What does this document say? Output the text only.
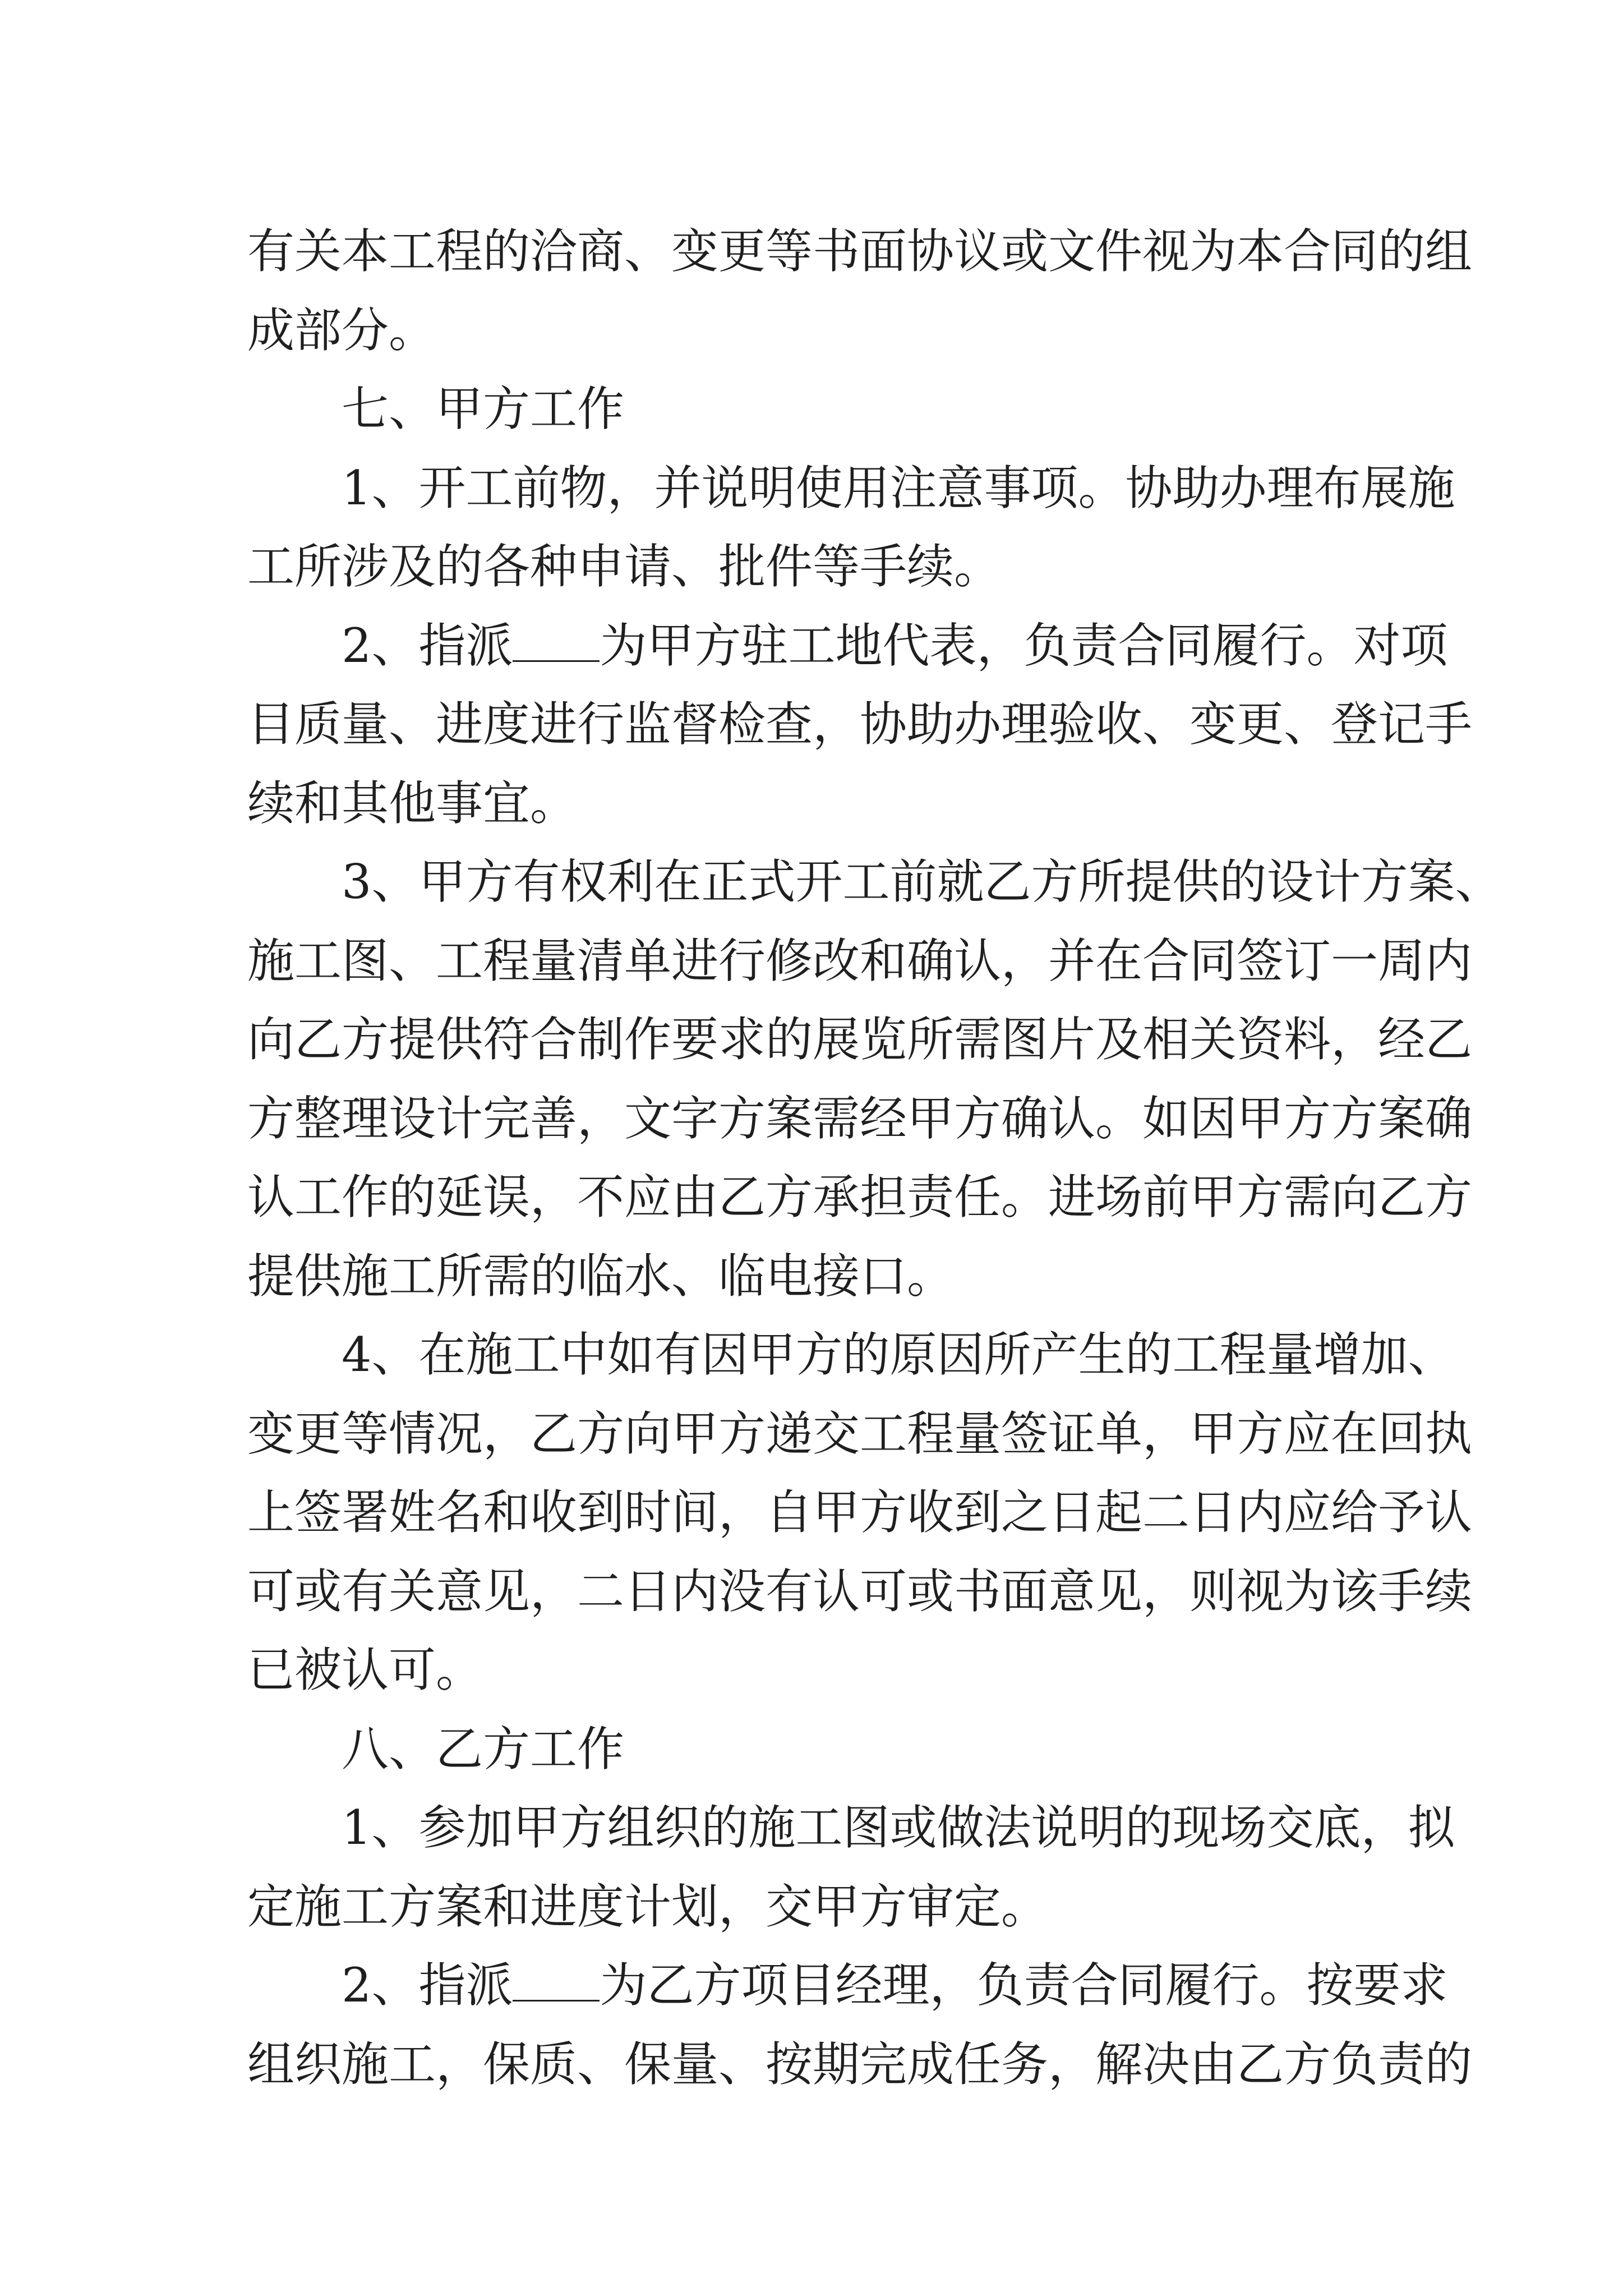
有关本工程的洽商、变更等书面协议或文件视为本合同的组
成部分。

七、甲方工作

1、开工前物，并说明使用注意事项。协助办理布展施
工所涉及的各种申请、批件等手续。

2、指派 为甲方驻工地代表，负责合同履行。对项
目质量、进度进行监督检查，协助办理验收、变更、登记手
续和其他事宜。

3、甲方有权利在正式开工前就乙方所提供的设计方案、
施工图、工程量清单进行修改和确认，并在合同签订一周内
向乙方提供符合制作要求的展览所需图片及相关资料，经乙
方整理设计完善，文字方案需经甲方确认。如因甲方方案确
认工作的延误，不应由乙方承担责任。进场前甲方需向乙方
提供施工所需的临水、临电接口。

4、在施工中如有因甲方的原因所产生的工程量增加、
变更等情况，乙方向甲方递交工程量签证单，甲方应在回执
上签署姓名和收到时间，自甲方收到之日起二日内应给予认
可或有关意见，二日内没有认可或书面意见，则视为该手续
已被认可。

八、乙方工作

1、参加甲方组织的施工图或做法说明的现场交底，拟
定施工方案和进度计划，交甲方审定。

2、指派 为乙方项目经理，负责合同履行。按要求
组织施工，保质、保量、按期完成任务，解决由乙方负责的
